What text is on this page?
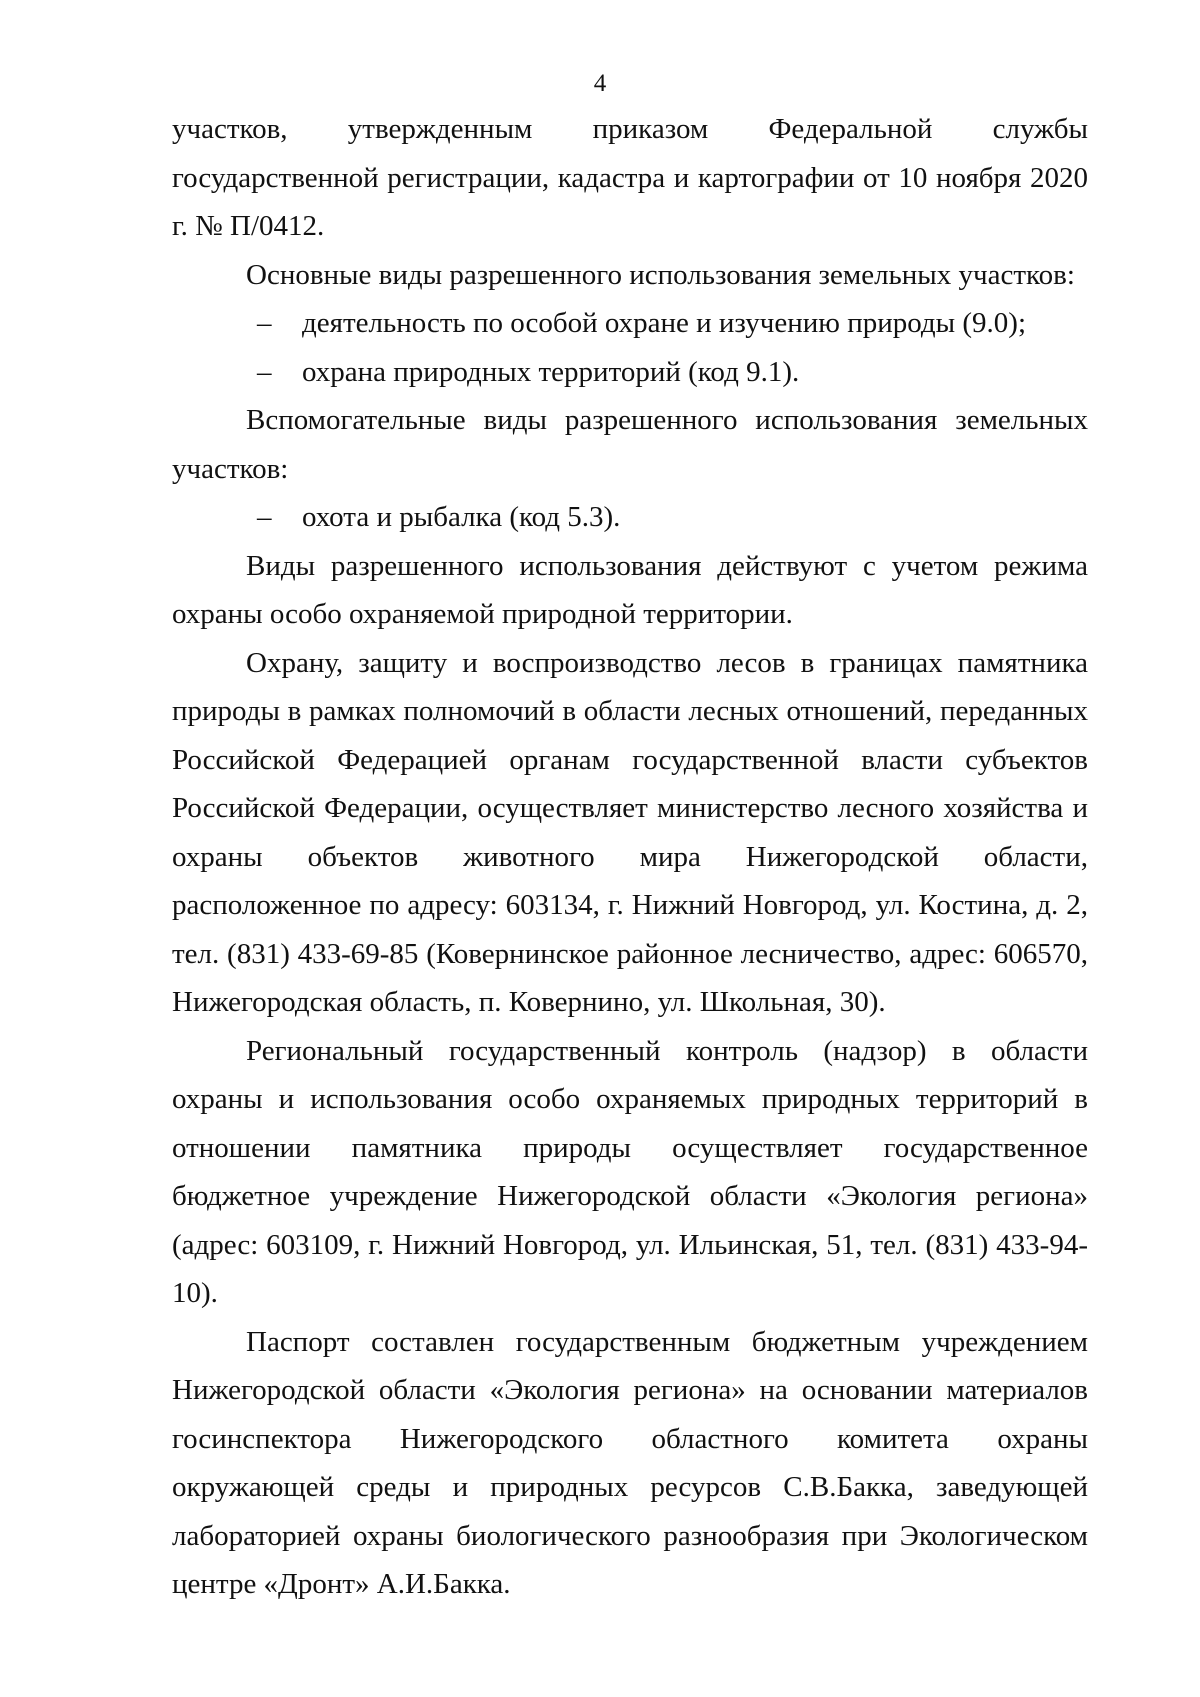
4

участков, утвержденным приказом Федеральной службы государственной регистрации, кадастра и картографии от 10 ноября 2020 г. № П/0412.

Основные виды разрешенного использования земельных участков:

– деятельность по особой охране и изучению природы (9.0);
– охрана природных территорий (код 9.1).

Вспомогательные виды разрешенного использования земельных участков:

– охота и рыбалка (код 5.3).

Виды разрешенного использования действуют с учетом режима охраны особо охраняемой природной территории.

Охрану, защиту и воспроизводство лесов в границах памятника природы в рамках полномочий в области лесных отношений, переданных Российской Федерацией органам государственной власти субъектов Российской Федерации, осуществляет министерство лесного хозяйства и охраны объектов животного мира Нижегородской области, расположенное по адресу: 603134, г. Нижний Новгород, ул. Костина, д. 2, тел. (831) 433-69-85 (Ковернинское районное лесничество, адрес: 606570, Нижегородская область, п. Ковернино, ул. Школьная, 30).

Региональный государственный контроль (надзор) в области охраны и использования особо охраняемых природных территорий в отношении памятника природы осуществляет государственное бюджетное учреждение Нижегородской области «Экология региона» (адрес: 603109, г. Нижний Новгород, ул. Ильинская, 51, тел. (831) 433-94-10).

Паспорт составлен государственным бюджетным учреждением Нижегородской области «Экология региона» на основании материалов госинспектора Нижегородского областного комитета охраны окружающей среды и природных ресурсов С.В.Бакка, заведующей лабораторией охраны биологического разнообразия при Экологическом центре «Дронт» А.И.Бакка.
